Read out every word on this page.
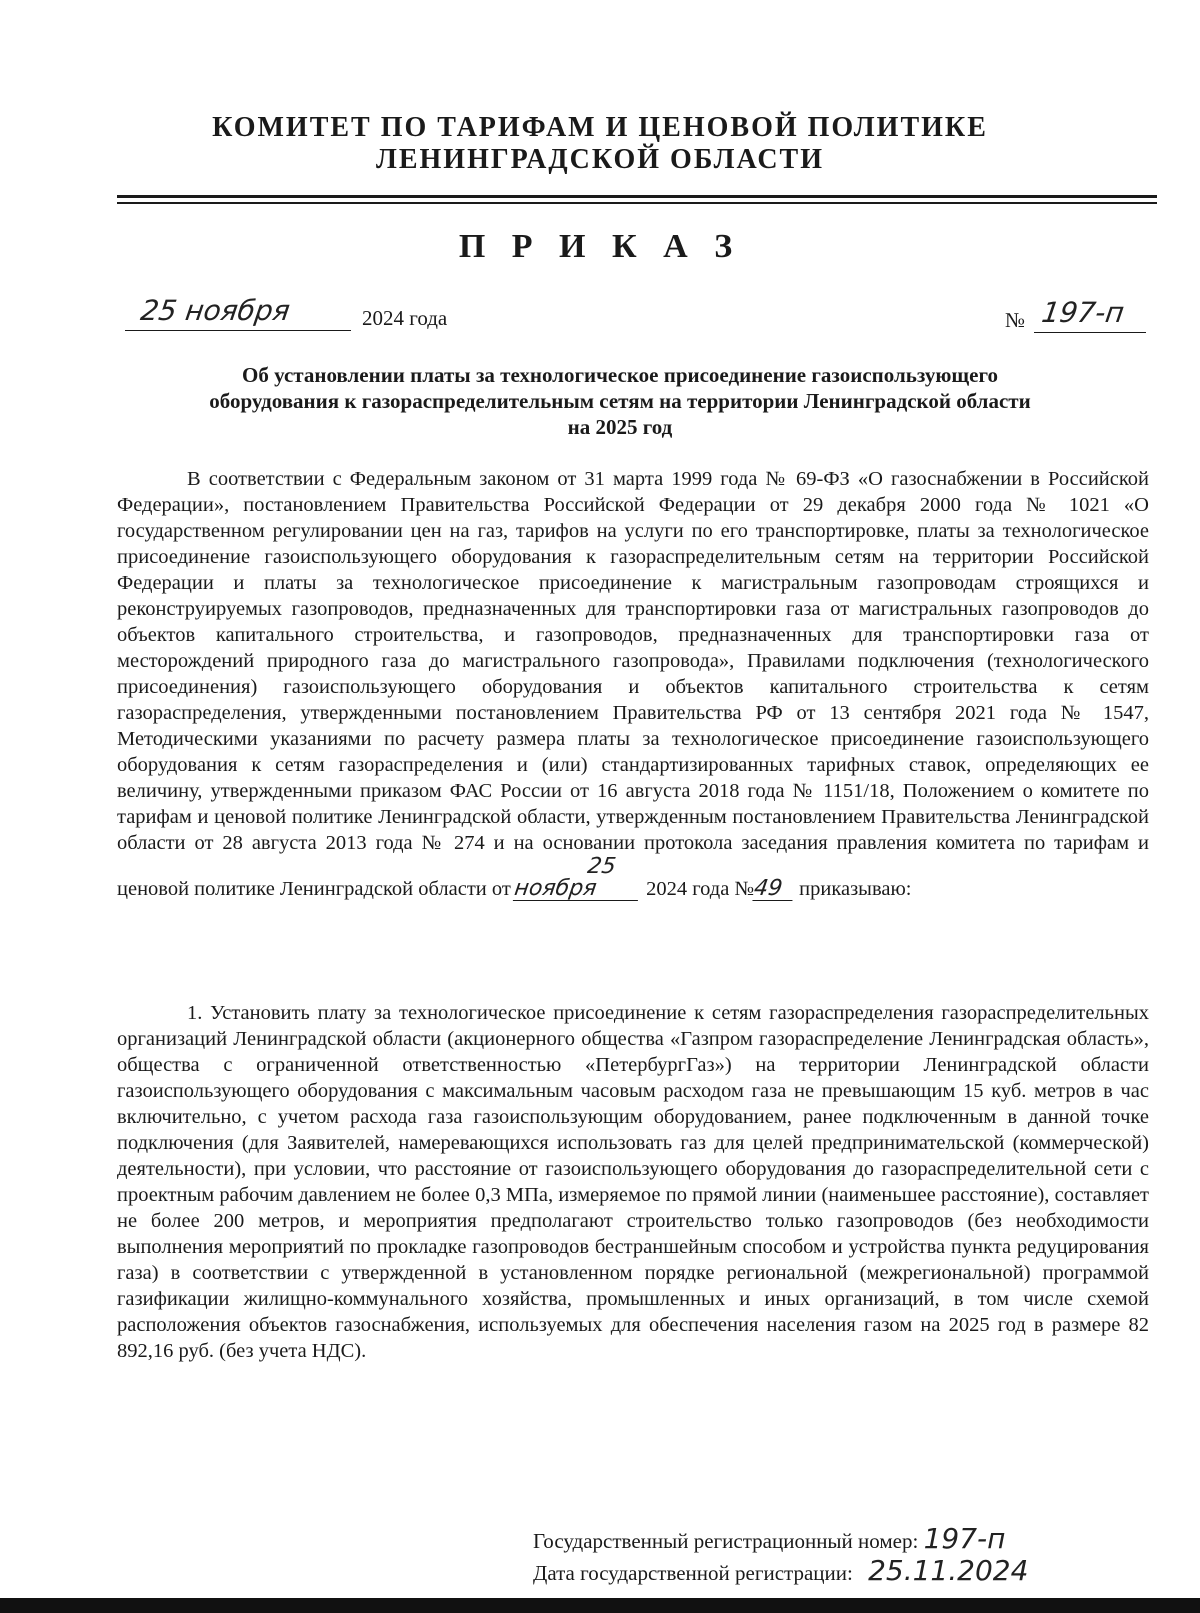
КОМИТЕТ ПО ТАРИФАМ И ЦЕНОВОЙ ПОЛИТИКЕ
ЛЕНИНГРАДСКОЙ ОБЛАСТИ
П Р И К А З
25 ноября	2024 года	№ 197-п
Об установлении платы за технологическое присоединение газоиспользующего
оборудования к газораспределительным сетям на территории Ленинградской области
на 2025 год
В соответствии с Федеральным законом от 31 марта 1999 года № 69-ФЗ «О газоснабжении в Российской Федерации», постановлением Правительства Российской Федерации от 29 декабря 2000 года № 1021 «О государственном регулировании цен на газ, тарифов на услуги по его транспортировке, платы за технологическое присоединение газоиспользующего оборудования к газораспределительным сетям на территории Российской Федерации и платы за технологическое присоединение к магистральным газопроводам строящихся и реконструируемых газопроводов, предназначенных для транспортировки газа от магистральных газопроводов до объектов капитального строительства, и газопроводов, предназначенных для транспортировки газа от месторождений природного газа до магистрального газопровода», Правилами подключения (технологического присоединения) газоиспользующего оборудования и объектов капитального строительства к сетям газораспределения, утвержденными постановлением Правительства РФ от 13 сентября 2021 года № 1547, Методическими указаниями по расчету размера платы за технологическое присоединение газоиспользующего оборудования к сетям газораспределения и (или) стандартизированных тарифных ставок, определяющих ее величину, утвержденными приказом ФАС России от 16 августа 2018 года № 1151/18, Положением о комитете по тарифам и ценовой политике Ленинградской области, утвержденным постановлением Правительства Ленинградской области от 28 августа 2013 года № 274 и на основании протокола заседания правления комитета по тарифам и ценовой политике Ленинградской области от 25 ноября 2024 года №49 приказываю:
1. Установить плату за технологическое присоединение к сетям газораспределения газораспределительных организаций Ленинградской области (акционерного общества «Газпром газораспределение Ленинградская область», общества с ограниченной ответственностью «ПетербургГаз») на территории Ленинградской области газоиспользующего оборудования с максимальным часовым расходом газа не превышающим 15 куб. метров в час включительно, с учетом расхода газа газоиспользующим оборудованием, ранее подключенным в данной точке подключения (для Заявителей, намеревающихся использовать газ для целей предпринимательской (коммерческой) деятельности), при условии, что расстояние от газоиспользующего оборудования до газораспределительной сети с проектным рабочим давлением не более 0,3 МПа, измеряемое по прямой линии (наименьшее расстояние), составляет не более 200 метров, и мероприятия предполагают строительство только газопроводов (без необходимости выполнения мероприятий по прокладке газопроводов бестраншейным способом и устройства пункта редуцирования газа) в соответствии с утвержденной в установленном порядке региональной (межрегиональной) программой газификации жилищно-коммунального хозяйства, промышленных и иных организаций, в том числе схемой расположения объектов газоснабжения, используемых для обеспечения населения газом на 2025 год в размере 82 892,16 руб. (без учета НДС).
Государственный регистрационный номер: 197-п
Дата государственной регистрации: 25.11.2024
